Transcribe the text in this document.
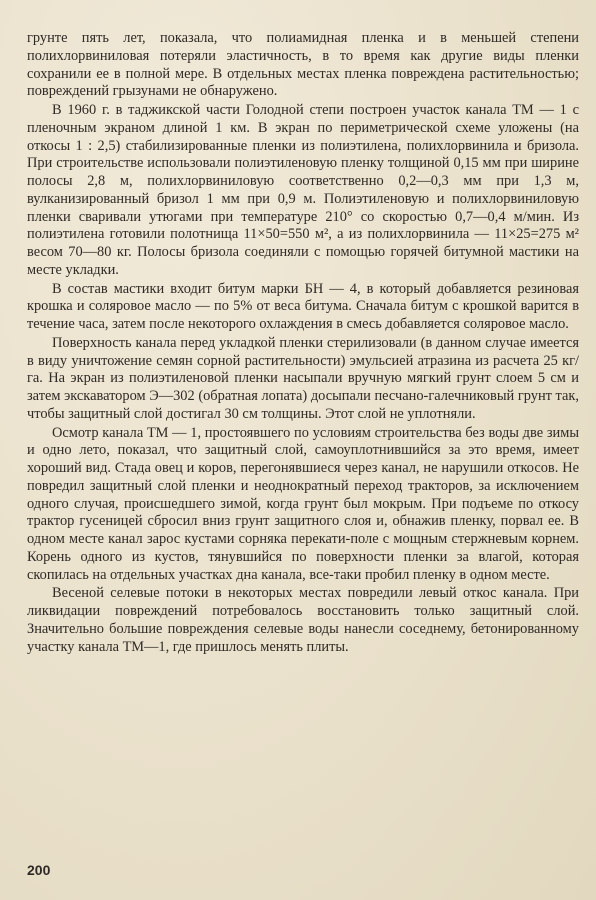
грунте пять лет, показала, что полиамидная пленка и в меньшей степени полихлорвиниловая потеряли эластичность, в то время как другие виды пленки сохранили ее в полной мере. В отдельных местах пленка повреждена растительностью; повреждений грызунами не обнаружено.

В 1960 г. в таджикской части Голодной степи построен участок канала ТМ — 1 с пленочным экраном длиной 1 км. В экран по периметрической схеме уложены (на откосы 1 : 2,5) стабилизированные пленки из полиэтилена, полихлорвинила и бризола. При строительстве использовали полиэтиленовую пленку толщиной 0,15 мм при ширине полосы 2,8 м, полихлорвиниловую соответственно 0,2—0,3 мм при 1,3 м, вулканизированный бризол 1 мм при 0,9 м. Полиэтиленовую и полихлорвиниловую пленки сваривали утюгами при температуре 210° со скоростью 0,7—0,4 м/мин. Из полиэтилена готовили полотнища 11×50=550 м², а из полихлорвинила — 11×25=275 м² весом 70—80 кг. Полосы бризола соединяли с помощью горячей битумной мастики на месте укладки.

В состав мастики входит битум марки БН — 4, в который добавляется резиновая крошка и соляровое масло — по 5% от веса битума. Сначала битум с крошкой варится в течение часа, затем после некоторого охлаждения в смесь добавляется соляровое масло.

Поверхность канала перед укладкой пленки стерилизовали (в данном случае имеется в виду уничтожение семян сорной растительности) эмульсией атразина из расчета 25 кг/га. На экран из полиэтиленовой пленки насыпали вручную мягкий грунт слоем 5 см и затем экскаватором Э—302 (обратная лопата) досыпали песчано-галечниковый грунт так, чтобы защитный слой достигал 30 см толщины. Этот слой не уплотняли.

Осмотр канала ТМ — 1, простоявшего по условиям строительства без воды две зимы и одно лето, показал, что защитный слой, самоуплотнившийся за это время, имеет хороший вид. Стада овец и коров, перегонявшиеся через канал, не нарушили откосов. Не повредил защитный слой пленки и неоднократный переход тракторов, за исключением одного случая, происшедшего зимой, когда грунт был мокрым. При подъеме по откосу трактор гусеницей сбросил вниз грунт защитного слоя и, обнажив пленку, порвал ее. В одном месте канал зарос кустами сорняка перекати-поле с мощным стержневым корнем. Корень одного из кустов, тянувшийся по поверхности пленки за влагой, которая скопилась на отдельных участках дна канала, все-таки пробил пленку в одном месте.

Весеной селевые потоки в некоторых местах повредили левый откос канала. При ликвидации повреждений потребовалось восстановить только защитный слой. Значительно большие повреждения селевые воды нанесли соседнему, бетонированному участку канала ТМ—1, где пришлось менять плиты.

200
